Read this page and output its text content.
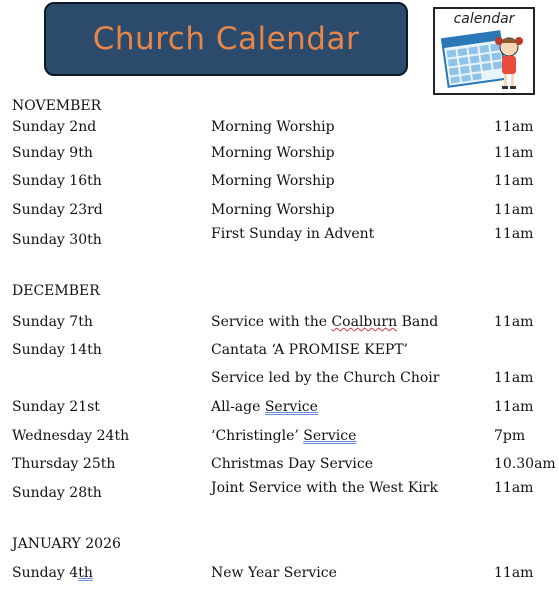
Church Calendar
calendar
NOVEMBER
Sunday 2nd	Morning Worship	11am
Sunday 9th	Morning Worship	11am
Sunday 16th	Morning Worship	11am
Sunday 23rd	Morning Worship	11am
Sunday 30th	First Sunday in Advent	11am
DECEMBER
Sunday 7th	Service with the Coalburn Band	11am
Sunday 14th	Cantata ‘A PROMISE KEPT’
Service led by the Church Choir	11am
Sunday 21st	All-age Service	11am
Wednesday 24th	‘Christingle’ Service	7pm
Thursday 25th	Christmas Day Service	10.30am
Sunday 28th	Joint Service with the West Kirk	11am
JANUARY 2026
Sunday 4th	New Year Service	11am
